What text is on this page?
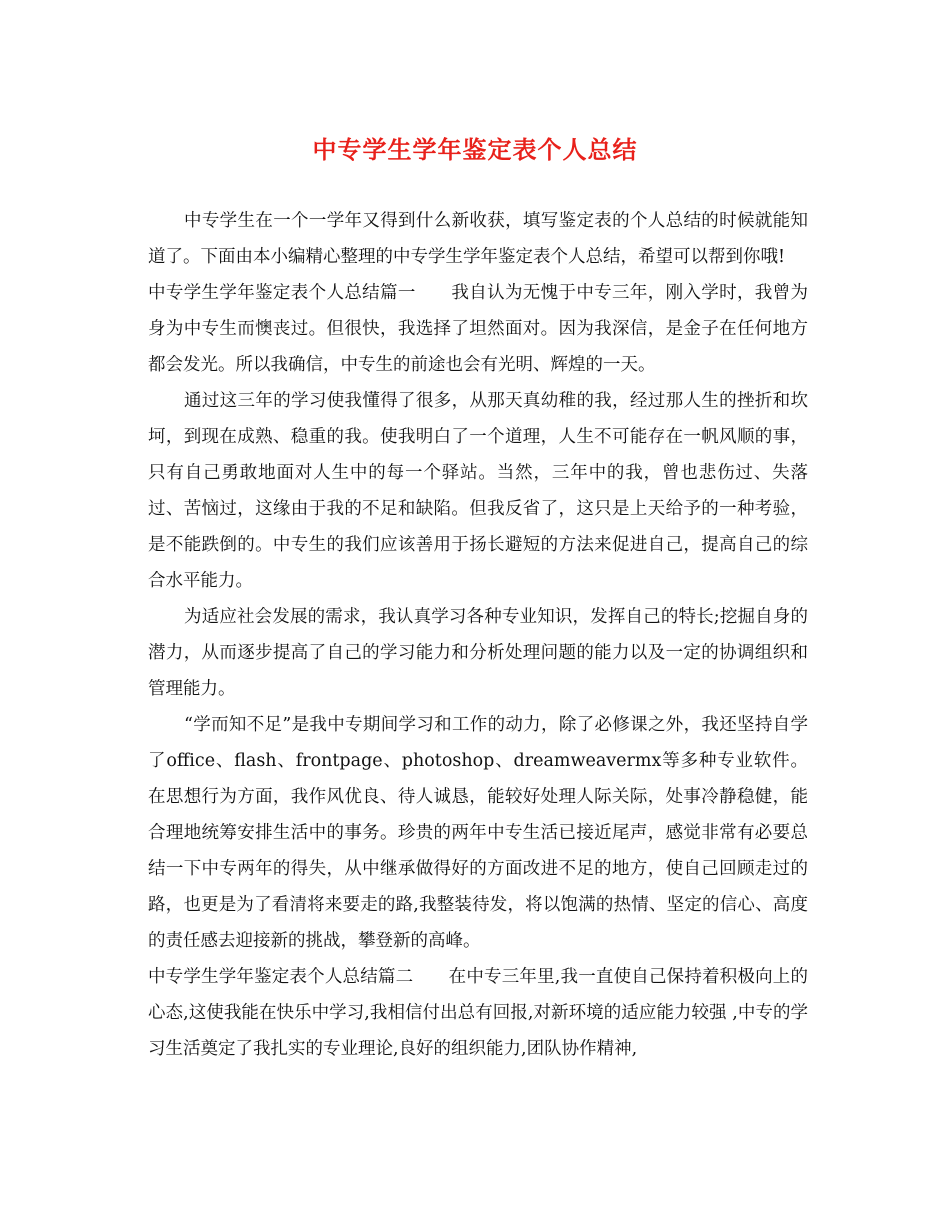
中专学生学年鉴定表个人总结

中专学生在一个一学年又得到什么新收获，填写鉴定表的个人总结的时候就能知道了。下面由本小编精心整理的中专学生学年鉴定表个人总结，希望可以帮到你哦!

中专学生学年鉴定表个人总结篇一　　我自认为无愧于中专三年，刚入学时，我曾为身为中专生而懊丧过。但很快，我选择了坦然面对。因为我深信，是金子在任何地方都会发光。所以我确信，中专生的前途也会有光明、辉煌的一天。

通过这三年的学习使我懂得了很多，从那天真幼稚的我，经过那人生的挫折和坎坷，到现在成熟、稳重的我。使我明白了一个道理，人生不可能存在一帆风顺的事，只有自己勇敢地面对人生中的每一个驿站。当然，三年中的我，曾也悲伤过、失落过、苦恼过，这缘由于我的不足和缺陷。但我反省了，这只是上天给予的一种考验，是不能跌倒的。中专生的我们应该善用于扬长避短的方法来促进自己，提高自己的综合水平能力。

为适应社会发展的需求，我认真学习各种专业知识，发挥自己的特长;挖掘自身的潜力，从而逐步提高了自己的学习能力和分析处理问题的能力以及一定的协调组织和管理能力。

“学而知不足”是我中专期间学习和工作的动力，除了必修课之外，我还坚持自学了office、flash、frontpage、photoshop、dreamweavermx等多种专业软件。在思想行为方面，我作风优良、待人诚恳，能较好处理人际关际，处事冷静稳健，能合理地统筹安排生活中的事务。珍贵的两年中专生活已接近尾声，感觉非常有必要总结一下中专两年的得失，从中继承做得好的方面改进不足的地方，使自己回顾走过的路，也更是为了看清将来要走的路,我整装待发，将以饱满的热情、坚定的信心、高度的责任感去迎接新的挑战，攀登新的高峰。

中专学生学年鉴定表个人总结篇二　　在中专三年里,我一直使自己保持着积极向上的心态,这使我能在快乐中学习,我相信付出总有回报,对新环境的适应能力较强 ,中专的学习生活奠定了我扎实的专业理论,良好的组织能力,团队协作精神,
